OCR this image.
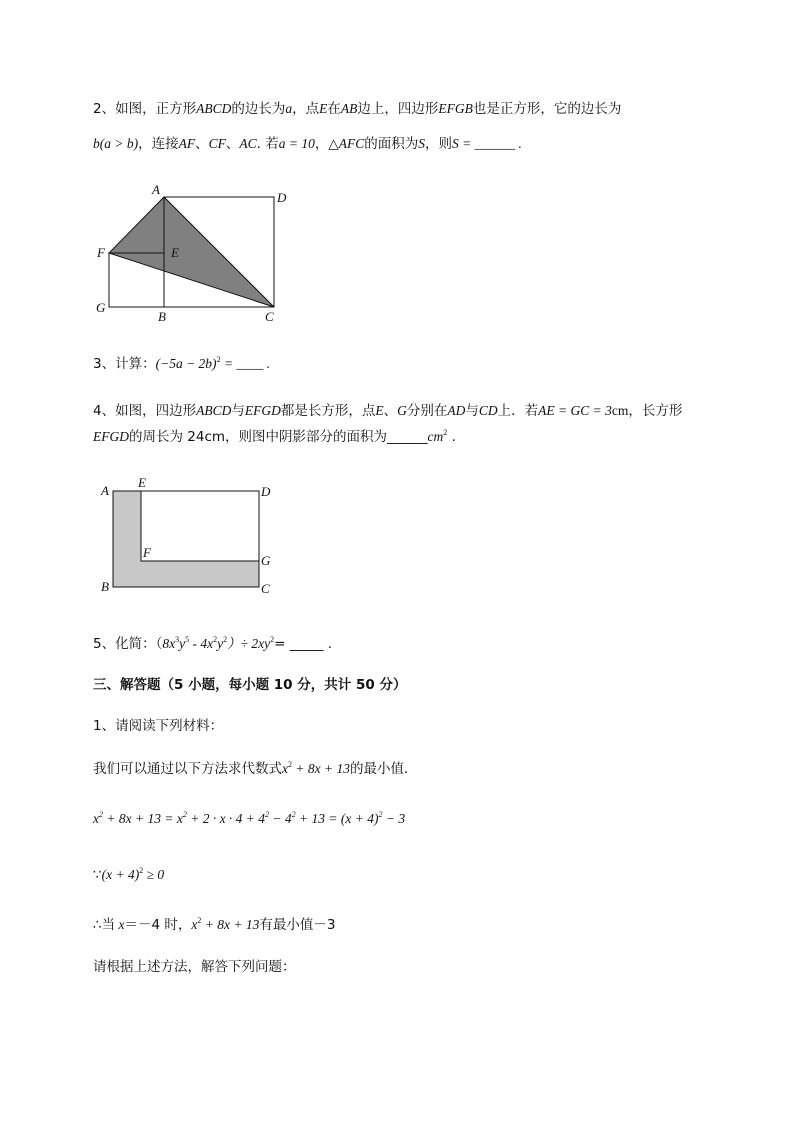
2、如图，正方形ABCD的边长为a，点E在AB边上，四边形EFGB也是正方形，它的边长为
b(a > b)，连接AF、CF、AC. 若a = 10，△AFC的面积为S，则S = ______ .
A
D
F	E
G
B	C
3、计算：$(-5a - 2b)^2$ = ____ .
4、如图，四边形ABCD与EFGD都是长方形，点E、G分别在AD与CD上．若AE = GC = 3cm，长方形
EFGD的周长为 24cm，则图中阴影部分的面积为$\_\_\_\_\_\_cm^2$ .
A
E
D
F
G
B	C
5、化简：$(8x^3y^5 - 4x^2y^2)\div 2xy^2=$ _____ .
三、解答题（5 小题，每小题 10 分，共计 50 分）
1、请阅读下列材料：
我们可以通过以下方法求代数式$x^2 + 8x + 13$的最小值．
$x^2 + 8x + 13 = x^2 + 2 \cdot x \cdot 4 + 4^2 - 4^2 + 13 = (x + 4)^2 - 3$
∵(x + 4)$^2$ ≥ 0
∴当 x＝－4 时，$x^2 + 8x + 13$有最小值－3
请根据上述方法，解答下列问题：
